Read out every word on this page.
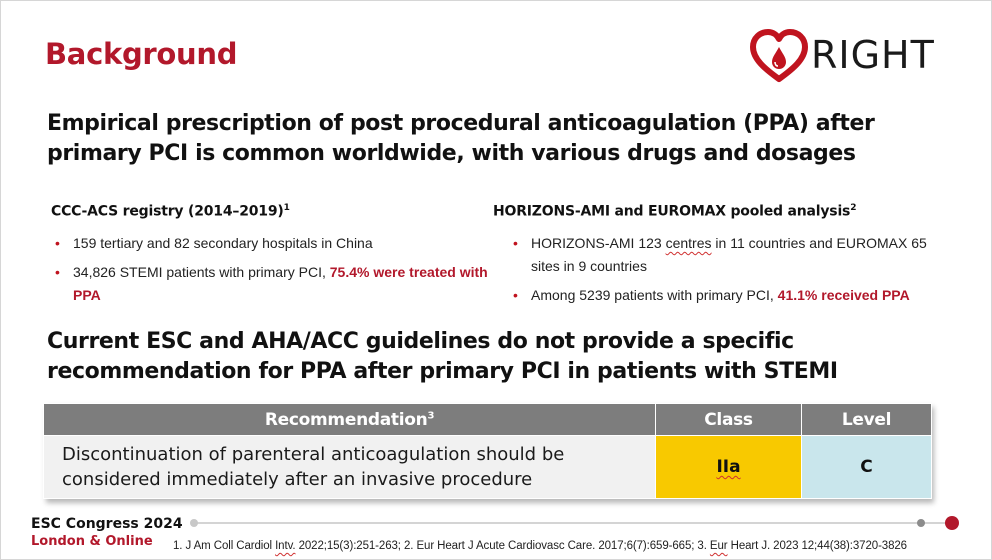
Background	RIGHT
Empirical prescription of post procedural anticoagulation (PPA) after primary PCI is common worldwide, with various drugs and dosages
CCC-ACS registry (2014–2019)$^1$
• 159 tertiary and 82 secondary hospitals in China
• 34,826 STEMI patients with primary PCI, 75.4% were treated with PPA
HORIZONS-AMI and EUROMAX pooled analysis$^2$
• HORIZONS-AMI 123 centres in 11 countries and EUROMAX 65 sites in 9 countries
• Among 5239 patients with primary PCI, 41.1% received PPA
Current ESC and AHA/ACC guidelines do not provide a specific recommendation for PPA after primary PCI in patients with STEMI
Recommendation$^3$	Class	Level
Discontinuation of parenteral anticoagulation should be considered immediately after an invasive procedure	IIa	C
ESC Congress 2024
London & Online 1. J Am Coll Cardiol Intv. 2022;15(3):251-263; 2. Eur Heart J Acute Cardiovasc Care. 2017;6(7):659-665; 3. Eur Heart J. 2023 12;44(38):3720-3826
